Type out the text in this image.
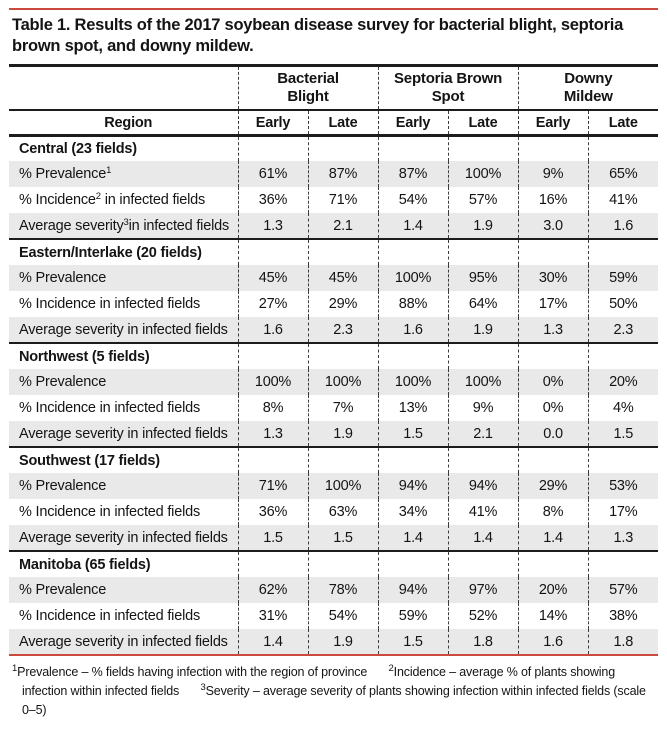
Table 1. Results of the 2017 soybean disease survey for bacterial blight, septoria brown spot, and downy mildew.

Bacterial
Blight

Septoria Brown
Spot

Downy
Mildew

Region	Early	Late	Early	Late	Early	Late
Central (23 fields)						
% Prevalence$^1$	61%	87%	87%	100%	9%	65%
% Incidence$^2$ in infected fields	36%	71%	54%	57%	16%	41%
Average severity$^3$in infected fields	1.3	2.1	1.4	1.9	3.0	1.6
Eastern/Interlake (20 fields)						
% Prevalence	45%	45%	100%	95%	30%	59%
% Incidence in infected fields	27%	29%	88%	64%	17%	50%
Average severity in infected fields	1.6	2.3	1.6	1.9	1.3	2.3
Northwest (5 fields)						
% Prevalence	100%	100%	100%	100%	0%	20%
% Incidence in infected fields	8%	7%	13%	9%	0%	4%
Average severity in infected fields	1.3	1.9	1.5	2.1	0.0	1.5
Southwest (17 fields)						
% Prevalence	71%	100%	94%	94%	29%	53%
% Incidence in infected fields	36%	63%	34%	41%	8%	17%
Average severity in infected fields	1.5	1.5	1.4	1.4	1.4	1.3
Manitoba (65 fields)						
% Prevalence	62%	78%	94%	97%	20%	57%
% Incidence in infected fields	31%	54%	59%	52%	14%	38%
Average severity in infected fields	1.4	1.9	1.5	1.8	1.6	1.8
$^1$Prevalence – % fields having infection with the region of province $^2$Incidence – average % of plants showing infection within infected fields $^3$Severity – average severity of plants showing infection within infected fields (scale 0–5)
